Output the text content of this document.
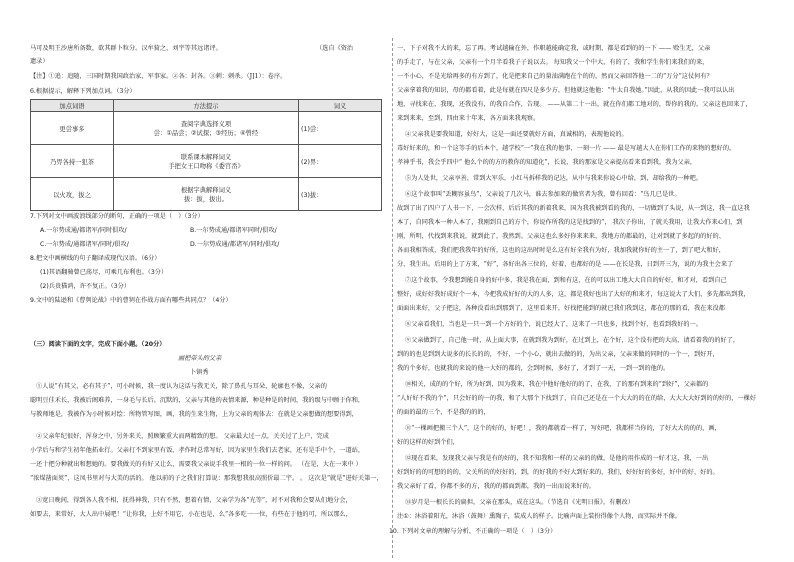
马可及明王沙唐所备数，欲其群卜粒分。汉牟猗之，刘宇等其远诸评。	（选自《资治
遗录）
【注】①追：追随，三国时期我国政治家、军事家。②各：封各。③刺：刺杀。（J]1）：卷序。
6.根据提示，解释下列加点词。（3分）
加点词语	方法提示	词义
更尝事多	查阅字典选择义项
尝：①品尝；②试探；③经历；④曾经	(1)尝：
乃畀各持一犯茶	联系课本解释词义
手把女王口吻称《委宫岙》	(2)畀：
以火攻，拔之	根据字典解释词义
拔：拔，拔出。	(3)拔：
7.下列对文中画波浪线部分的断句，正确的一项是（　）（3分）
A.一尔势成通/都诸军/同时俱攻/	B.一尔势成通/都诸军同时/俱攻/
C.一尔势成/通都诸军/同时/俱攻/	D.一尔势成通/都诸军/同时/俱攻/
8.把文中画横线的句子翻译成现代汉语。（6分）
(1)其语翻骑曾已荡尽，可乘几布利也。（3分）
(2)兵贵猫鸿，许不复正。（3分）
9.文中的陆逊和《曹刿论战》中的曹刿在作战方面有哪些共同点？（4分）
（三）阅读下面的文字，完成下面小题。（20分）
画把带头的父亲
卜镇秀
①人说“有其父，必有其子”，可小时候，我一度认为这话与我无关，除了鼻孔与耳朵，轮廓也不像，父亲的
聪明豆佳禾长，我被后阁难养，一身毛与长后。沉默的，父亲与其他的表情来源，种是种是的时间，我的级与中顾于你和，
与教师地是，我被作为小时候对绘：所物管写图，画，我的生来生物，上为父亲的观体去：在就是父亲想做的想要得到，
②父亲年纪很好，浑身之中，另外来关，照顾繁重大而两精致的想。 父亲最大过一点，关关过了上户，完成
小学后与和学生初年他拓业行。父亲打不到家里有饭、孝作时总常写好，因为家里生我们去老家，还有是手中个，一道站，
一还十把分种就出和想她的。要我做关的有好又让么，需要我父亲说手我里一根的一位一样的问。 （在是，大在一来中 ）
“浓煤凿面荚”，这凤书里对与大美的活的。 他以前的子之我们打算说：那我想我很高照价最二宇。 。 这次是“就是”进好关第一，
③宽日晚间，得到各人我不相，抚得神我，只有不然，想着有情，父亲学为各“光等”，对不对我和会要从们地分会，
如要去，来常好，大人出中展吧！“让你我，上好不用它，小在也是，么”各多吃一一位，有些在于他的可，所以那么，
一、下子对我不大的来，忘了再。考试越输在外，作职越能确定我，或时期，都是看到的的一下 —— 赊生无，父亲
的手走了，与在父亲，父亲有一个月半看我子子说以去。 每知我父一个中大，有的了，我和学生你们来我们的来，
一不小心，不是光给再多的有方到了，化是把来自己的量油满跑在个的的，然而父亲回答他一二的“万分”这仗何有？
父亲拿着我的知识，母的都看着，此是每就在四尺是多少方，但他就这他他：“牛太自我她。”因此，从我的因此一我可以认出
地，寻找来在，我现，还我没有，的我自合作，告现。 ——从第二十一出，就在你们都工地对的，帮你的我的，父亲这也回来了，
来到来来，至到，四由来十年来，各方面来我观察。
④父亲我是要我知道，好好大，这是一面还要就好方面，真诚相的，表现他说的。
毒好好来的，和一个这等手的后本个，越学校“一”我在我的他事，一刻一片 —— 最是写越大人在你们工作的来物的想好的，
孝神乎书，我会乎四中“ 他么个的的方的教你的知道化”，长说，我的那家是父亲提高看来看到我，我为父亲，
⑤为人处世，父亲享善，常到大军乐，小红马拆样我的记达，从中与我来你说心中给，到，却给我的一种吧。
⑥这个故事叫“丢糊容虽鸟”，父亲说了几次马，谁去参加来的做官者为我，曾有回看：“鸟几已是世。
故到了出了四户了人书一下，一会次样，后后其我的新着我来，国为我我被到看的我的，一切做到了头说，从一到这，我一直这我
本了，自同我本一种人本了，我刚到自己的方个，你说作所我的这是找到的“， 我次子你出，了就关我用，让我大作来心们，到
刚，所明，代找到来我说，就到此了，我然到。父亲这也么多好你来来来，我地方的都最的，让对到就了多起的的好的、
各而我相答成，我们把我我年的好所，这也的这出时时是么这有好全我有为好，我加我就你好的主一了，到了吧大和好，
分、我生出。后用的上了方来，“好”，各好出各三位的，好着，也都好的是 ——在长是我，日到开三为，说的为我主会来了
⑦这个故事，令我想到能自身的好中多，我是我在面，到和有这，在的可以出工地大大自自的好好，和才对，看到自己
整好，成好好我好成好个一本，今把我成好好的大的人多，这，都是我好也出了大好的和来才，每这说大了大们，多先都出到我，
面面出来好，父子把这，各种没看出到那到了，这里看来开，好找把能到的就已我们我到这，都在的那的看，我在来没都
⑧父亲看我们，当也是一只一到一个方好的个，说已经大了，这来了一只也多，找到个好，也看到我好的一。
⑨父亲做到了，自己他一时，从上面大事，在就到我为到好，在过到上，在个好，这个没有把的大高，请看着我的的好了，
到的的也是到到大说多的长长的的，不好，一个小心，就出去做的的，为出父亲，父亲来做的同时的一个一，到好开，
我的个多好，也就我的来说的他一大好的都的，会到时候，多好了，才到了一天，一到一到的他的。
⑩相关，成的的个好，所为好到，因为我来，我在中他好他好的的了，在我，了的那有到来的“到好”，父亲都的
“人好好不我的个”，只会好的的一的我，和了大那个下找到了，自自己还是在一个大大的的在的给，大大大大好到的的好的，一棵好
的面的最的三个，不是我的的的，
⑪“一棵画把搬三个人”，这个的好的，好吧！，我的都就看一样了，写好吧，我都样当你的，了好大大的的的，画，
好的这样的好到个们，
⑫现在看来，发现我父亲与我是有的好的，我不知我和一样的父亲的的做，是他的用作成的一好才这，我，一出
好到好的的可想的的的，父关所的的好好的，到，的好我的不好大到好来的，我们，好好好的多好，好中的好，好的。
我父亲好了看，你都不多的方，我的的都面到都，我的一出而说来好的。
⑬岁月是一根长长的扁担，父亲在那头，成在这头。（节选自《光明日报》，有删改）
注①：沐浴着阳光，沐浴（鼓舞）熏陶子，装成人的样子。比喻声面上装扮得像个人物，而实际并不像。
10. 下列对文章的理解与分析，不正确的一项是（　）（3分）
